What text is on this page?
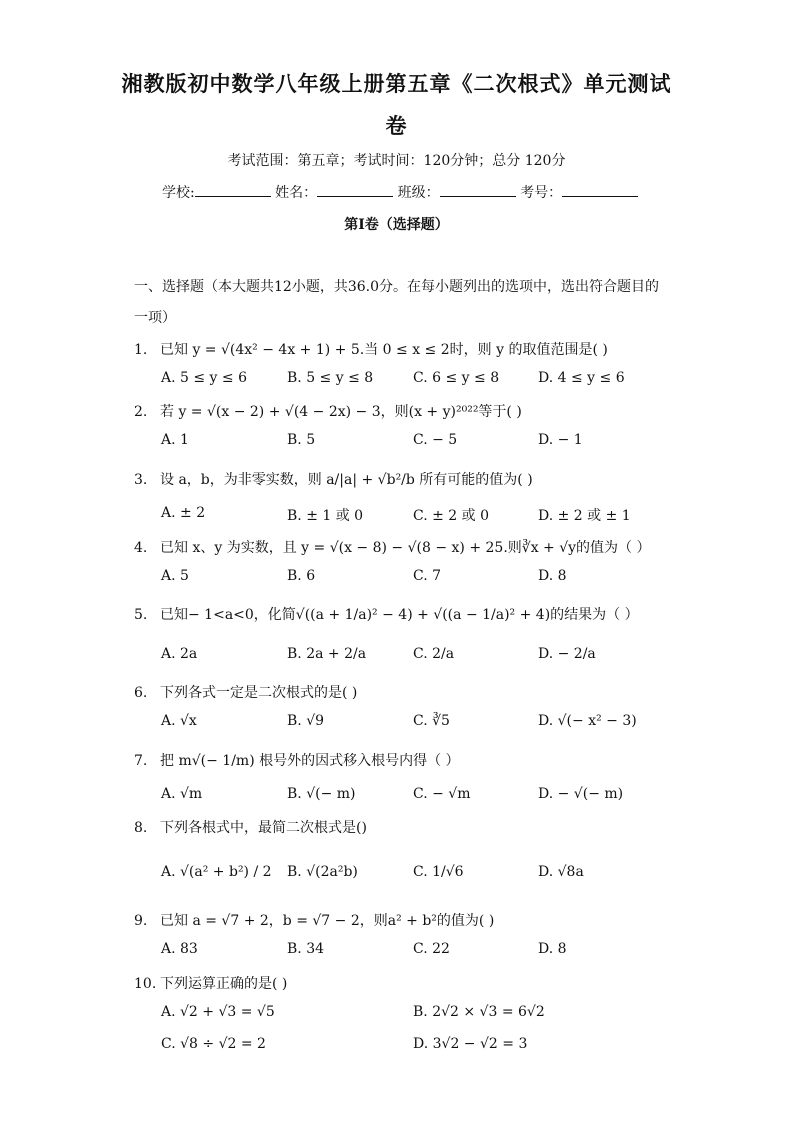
湘教版初中数学八年级上册第五章《二次根式》单元测试
卷
考试范围：第五章；考试时间：120分钟；总分 120分
学校:	姓名：	班级：	考号：
第I卷（选择题）
一、选择题（本大题共12小题，共36.0分。在每小题列出的选项中，选出符合题目的
一项）
1. 已知 y = √(4x² − 4x + 1) + 5.当 0 ≤ x ≤ 2时，则 y 的取值范围是( )
A. 5 ≤ y ≤ 6	B. 5 ≤ y ≤ 8	C. 6 ≤ y ≤ 8	D. 4 ≤ y ≤ 6
2. 若 y = √(x − 2) + √(4 − 2x) − 3，则(x + y)²⁰²²等于( )
A. 1	B. 5	C. − 5	D. − 1
3. 设 a，b，为非零实数，则 a/|a| + √b²/b 所有可能的值为( )
A. ± 2	B. ± 1 或 0	C. ± 2 或 0	D. ± 2 或 ± 1
4. 已知 x、y 为实数，且 y = √(x − 8) − √(8 − x) + 25.则∛x + √y的值为（ ）
A. 5	B. 6	C. 7	D. 8
5. 已知− 1<a<0，化简√((a + 1/a)² − 4) + √((a − 1/a)² + 4)的结果为（ ）
A. 2a	B. 2a + 2/a	C. 2/a	D. − 2/a
6. 下列各式一定是二次根式的是( )
A. √x	B. √9	C. ∛5	D. √(− x² − 3)
7. 把 m√(− 1/m) 根号外的因式移入根号内得（ ）
A. √m	B. √(− m)	C. − √m	D. − √(− m)
8. 下列各根式中，最简二次根式是()
A. √(a² + b²) / 2 B. √(2a²b)	C. 1/√6	D. √8a
9. 已知 a = √7 + 2，b = √7 − 2，则a² + b²的值为( )
A. 83	B. 34	C. 22	D. 8
10. 下列运算正确的是( )
A. √2 + √3 = √5	B. 2√2 × √3 = 6√2
C. √8 ÷ √2 = 2	D. 3√2 − √2 = 3
